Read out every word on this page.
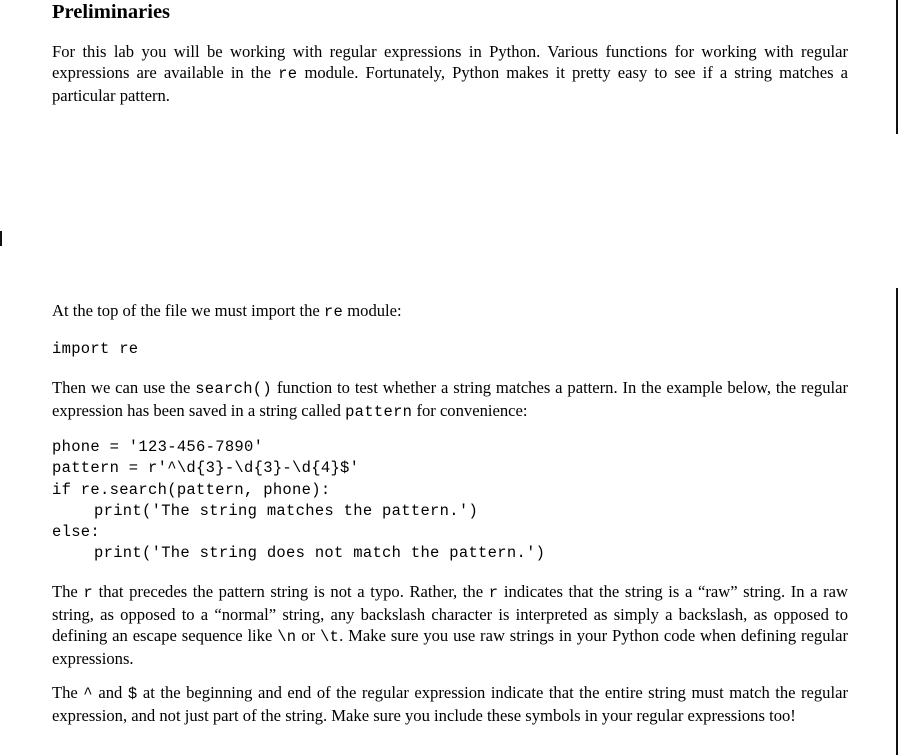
Preliminaries

For this lab you will be working with regular expressions in Python. Various functions for working with regular expressions are available in the re module. Fortunately, Python makes it pretty easy to see if a string matches a particular pattern.

At the top of the file we must import the re module:

import re

Then we can use the search() function to test whether a string matches a pattern. In the example below, the regular expression has been saved in a string called pattern for convenience:

phone = '123-456-7890'
pattern = r'^\d{3}-\d{3}-\d{4}$'
if re.search(pattern, phone):
print('The string matches the pattern.')
else:
print('The string does not match the pattern.')

The r that precedes the pattern string is not a typo. Rather, the r indicates that the string is a “raw” string. In a raw string, as opposed to a “normal” string, any backslash character is interpreted as simply a backslash, as opposed to defining an escape sequence like \n or \t. Make sure you use raw strings in your Python code when defining regular expressions.

The ^ and $ at the beginning and end of the regular expression indicate that the entire string must match the regular expression, and not just part of the string. Make sure you include these symbols in your regular expressions too!
